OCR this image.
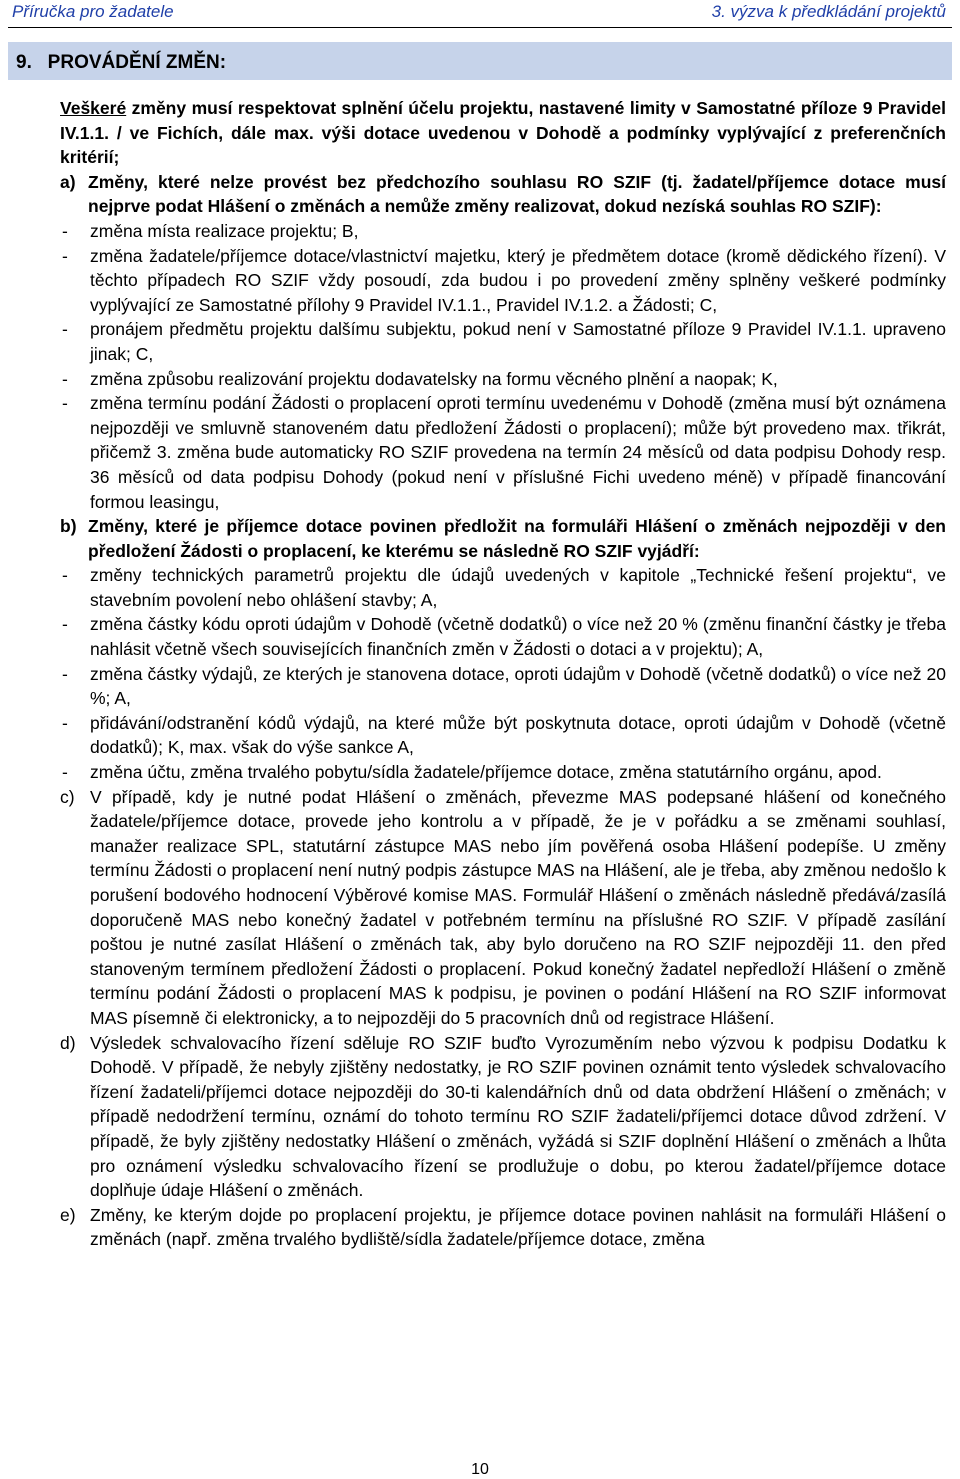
Příručka pro žadatele	3. výzva k předkládání projektů
9.   PROVÁDĚNÍ ZMĚN:

Veškeré změny musí respektovat splnění účelu projektu, nastavené limity v Samostatné příloze 9 Pravidel IV.1.1. / ve Fichích, dále max. výši dotace uvedenou v Dohodě a podmínky vyplývající z preferenčních kritérií;

a) Změny, které nelze provést bez předchozího souhlasu RO SZIF (tj. žadatel/příjemce dotace musí nejprve podat Hlášení o změnách a nemůže změny realizovat, dokud nezíská souhlas RO SZIF):

- změna místa realizace projektu; B,
- změna žadatele/příjemce dotace/vlastnictví majetku, který je předmětem dotace (kromě dědického řízení). V těchto případech RO SZIF vždy posoudí, zda budou i po provedení změny splněny veškeré podmínky vyplývající ze Samostatné přílohy 9 Pravidel IV.1.1., Pravidel IV.1.2. a Žádosti; C,
- pronájem předmětu projektu dalšímu subjektu, pokud není v Samostatné příloze 9 Pravidel IV.1.1. upraveno jinak; C,
- změna způsobu realizování projektu dodavatelsky na formu věcného plnění a naopak; K,
- změna termínu podání Žádosti o proplacení oproti termínu uvedenému v Dohodě (změna musí být oznámena nejpozději ve smluvně stanoveném datu předložení Žádosti o proplacení); může být provedeno max. třikrát, přičemž 3. změna bude automaticky RO SZIF provedena na termín 24 měsíců od data podpisu Dohody resp. 36 měsíců od data podpisu Dohody (pokud není v příslušné Fichi uvedeno méně) v případě financování formou leasingu,
b) Změny, které je příjemce dotace povinen předložit na formuláři Hlášení o změnách nejpozději v den předložení Žádosti o proplacení, ke kterému se následně RO SZIF vyjádří:

- změny technických parametrů projektu dle údajů uvedených v kapitole „Technické řešení projektu“, ve stavebním povolení nebo ohlášení stavby; A,
- změna částky kódu oproti údajům v Dohodě (včetně dodatků) o více než 20 % (změnu finanční částky je třeba nahlásit včetně všech souvisejících finančních změn v Žádosti o dotaci a v projektu); A,
- změna částky výdajů, ze kterých je stanovena dotace, oproti údajům v Dohodě (včetně dodatků) o více než 20 %; A,
- přidávání/odstranění kódů výdajů, na které může být poskytnuta dotace, oproti údajům v Dohodě (včetně dodatků); K, max. však do výše sankce A,
- změna účtu, změna trvalého pobytu/sídla žadatele/příjemce dotace, změna statutárního orgánu, apod.
c) V případě, kdy je nutné podat Hlášení o změnách, převezme MAS podepsané hlášení od konečného žadatele/příjemce dotace, provede jeho kontrolu a v případě, že je v pořádku a se změnami souhlasí, manažer realizace SPL, statutární zástupce MAS nebo jím pověřená osoba Hlášení podepíše. U změny termínu Žádosti o proplacení není nutný podpis zástupce MAS na Hlášení, ale je třeba, aby změnou nedošlo k porušení bodového hodnocení Výběrové komise MAS. Formulář Hlášení o změnách následně předává/zasílá doporučeně MAS nebo konečný žadatel v potřebném termínu na příslušné RO SZIF. V případě zasílání poštou je nutné zasílat Hlášení o změnách tak, aby bylo doručeno na RO SZIF nejpozději 11. den před stanoveným termínem předložení Žádosti o proplacení. Pokud konečný žadatel nepředloží Hlášení o změně termínu podání Žádosti o proplacení MAS k podpisu, je povinen o podání Hlášení na RO SZIF informovat MAS písemně či elektronicky, a to nejpozději do 5 pracovních dnů od registrace Hlášení.

d) Výsledek schvalovacího řízení sděluje RO SZIF buďto Vyrozuměním nebo výzvou k podpisu Dodatku k Dohodě. V případě, že nebyly zjištěny nedostatky, je RO SZIF povinen oznámit tento výsledek schvalovacího řízení žadateli/příjemci dotace nejpozději do 30-ti kalendářních dnů od data obdržení Hlášení o změnách; v případě nedodržení termínu, oznámí do tohoto termínu RO SZIF žadateli/příjemci dotace důvod zdržení. V případě, že byly zjištěny nedostatky Hlášení o změnách, vyžádá si SZIF doplnění Hlášení o změnách a lhůta pro oznámení výsledku schvalovacího řízení se prodlužuje o dobu, po kterou žadatel/příjemce dotace doplňuje údaje Hlášení o změnách.

e) Změny, ke kterým dojde po proplacení projektu, je příjemce dotace povinen nahlásit na formuláři Hlášení o změnách (např. změna trvalého bydliště/sídla žadatele/příjemce dotace, změna

10
